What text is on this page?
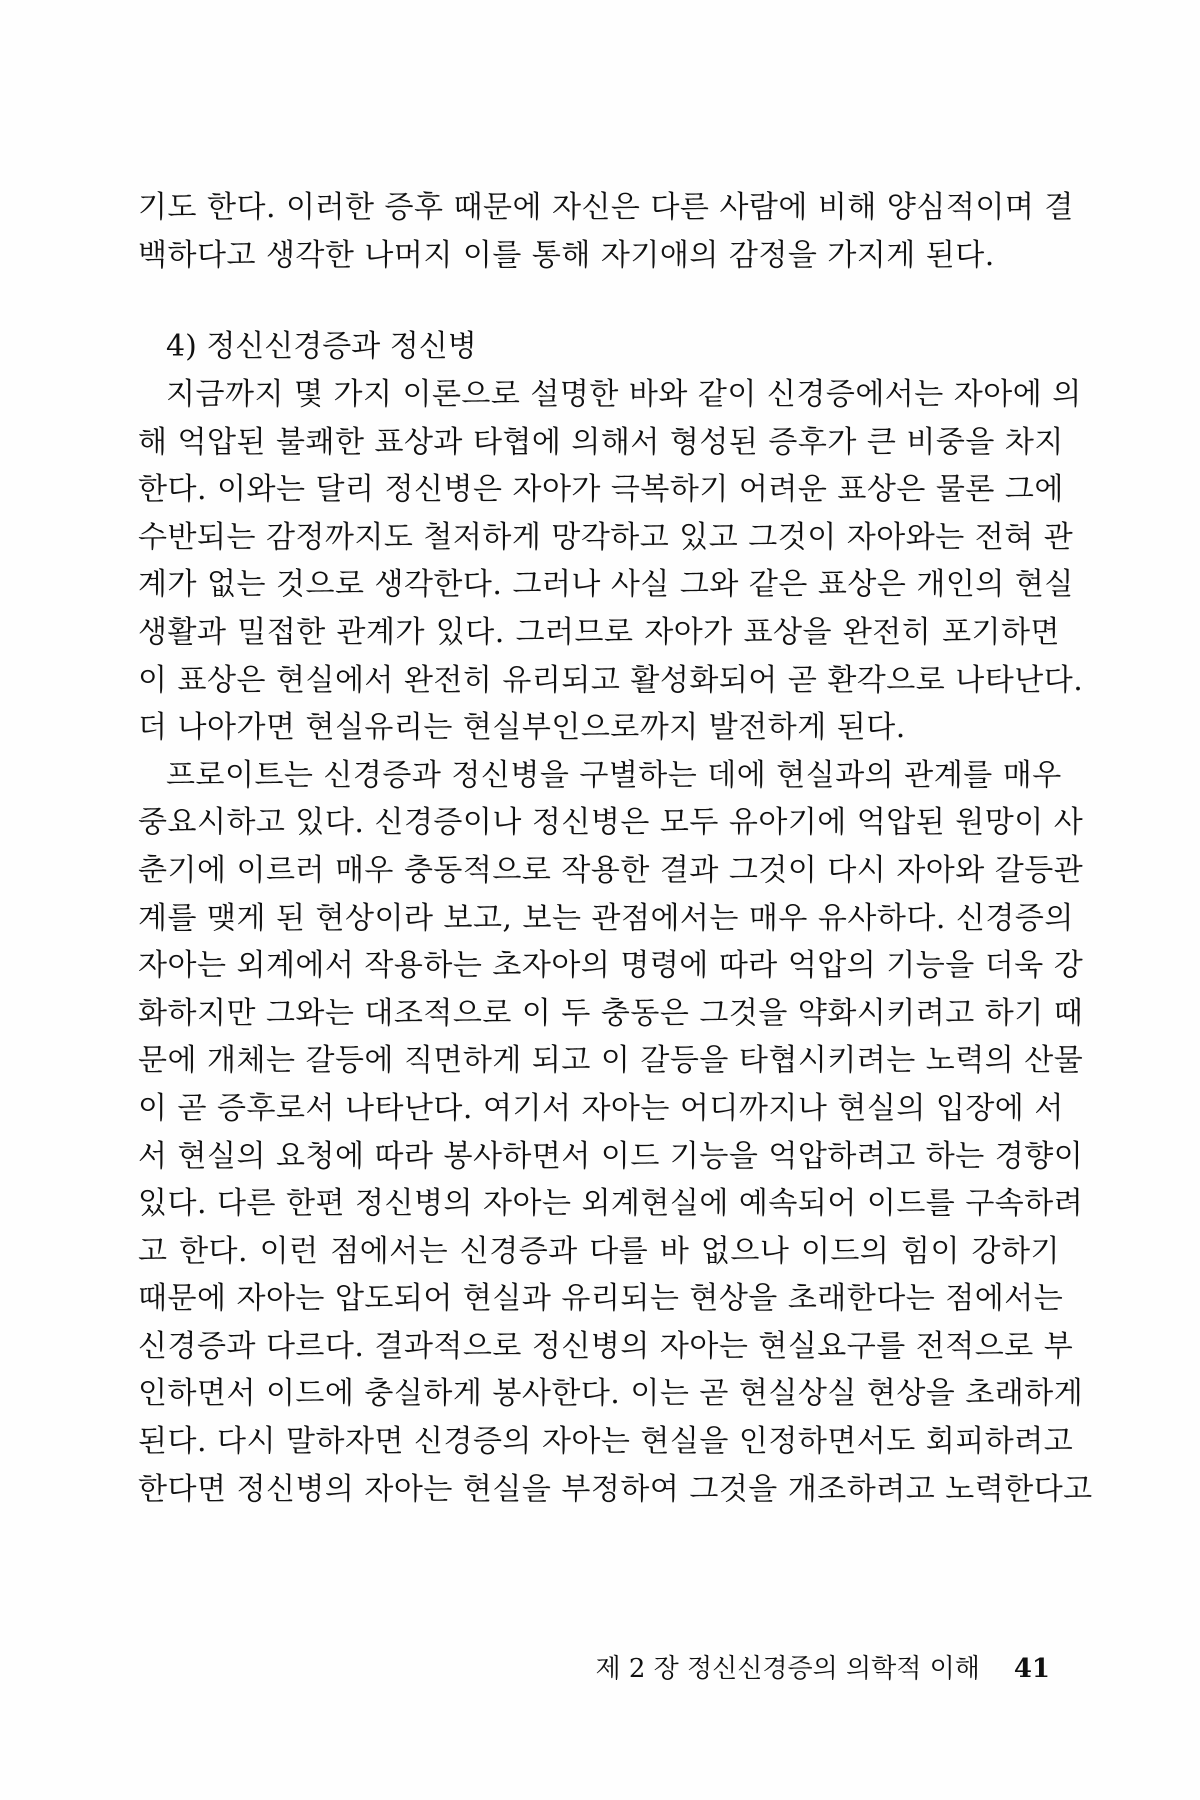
기도 한다. 이러한 증후 때문에 자신은 다른 사람에 비해 양심적이며 결
백하다고 생각한 나머지 이를 통해 자기애의 감정을 가지게 된다.
4) 정신신경증과 정신병
지금까지 몇 가지 이론으로 설명한 바와 같이 신경증에서는 자아에 의
해 억압된 불쾌한 표상과 타협에 의해서 형성된 증후가 큰 비중을 차지
한다. 이와는 달리 정신병은 자아가 극복하기 어려운 표상은 물론 그에
수반되는 감정까지도 철저하게 망각하고 있고 그것이 자아와는 전혀 관
계가 없는 것으로 생각한다. 그러나 사실 그와 같은 표상은 개인의 현실
생활과 밀접한 관계가 있다. 그러므로 자아가 표상을 완전히 포기하면
이 표상은 현실에서 완전히 유리되고 활성화되어 곧 환각으로 나타난다.
더 나아가면 현실유리는 현실부인으로까지 발전하게 된다.
프로이트는 신경증과 정신병을 구별하는 데에 현실과의 관계를 매우
중요시하고 있다. 신경증이나 정신병은 모두 유아기에 억압된 원망이 사
춘기에 이르러 매우 충동적으로 작용한 결과 그것이 다시 자아와 갈등관
계를 맺게 된 현상이라 보고, 보는 관점에서는 매우 유사하다. 신경증의
자아는 외계에서 작용하는 초자아의 명령에 따라 억압의 기능을 더욱 강
화하지만 그와는 대조적으로 이 두 충동은 그것을 약화시키려고 하기 때
문에 개체는 갈등에 직면하게 되고 이 갈등을 타협시키려는 노력의 산물
이 곧 증후로서 나타난다. 여기서 자아는 어디까지나 현실의 입장에 서
서 현실의 요청에 따라 봉사하면서 이드 기능을 억압하려고 하는 경향이
있다. 다른 한편 정신병의 자아는 외계현실에 예속되어 이드를 구속하려
고 한다. 이런 점에서는 신경증과 다를 바 없으나 이드의 힘이 강하기
때문에 자아는 압도되어 현실과 유리되는 현상을 초래한다는 점에서는
신경증과 다르다. 결과적으로 정신병의 자아는 현실요구를 전적으로 부
인하면서 이드에 충실하게 봉사한다. 이는 곧 현실상실 현상을 초래하게
된다. 다시 말하자면 신경증의 자아는 현실을 인정하면서도 회피하려고
한다면 정신병의 자아는 현실을 부정하여 그것을 개조하려고 노력한다고
제 2 장 정신신경증의 의학적 이해 41
